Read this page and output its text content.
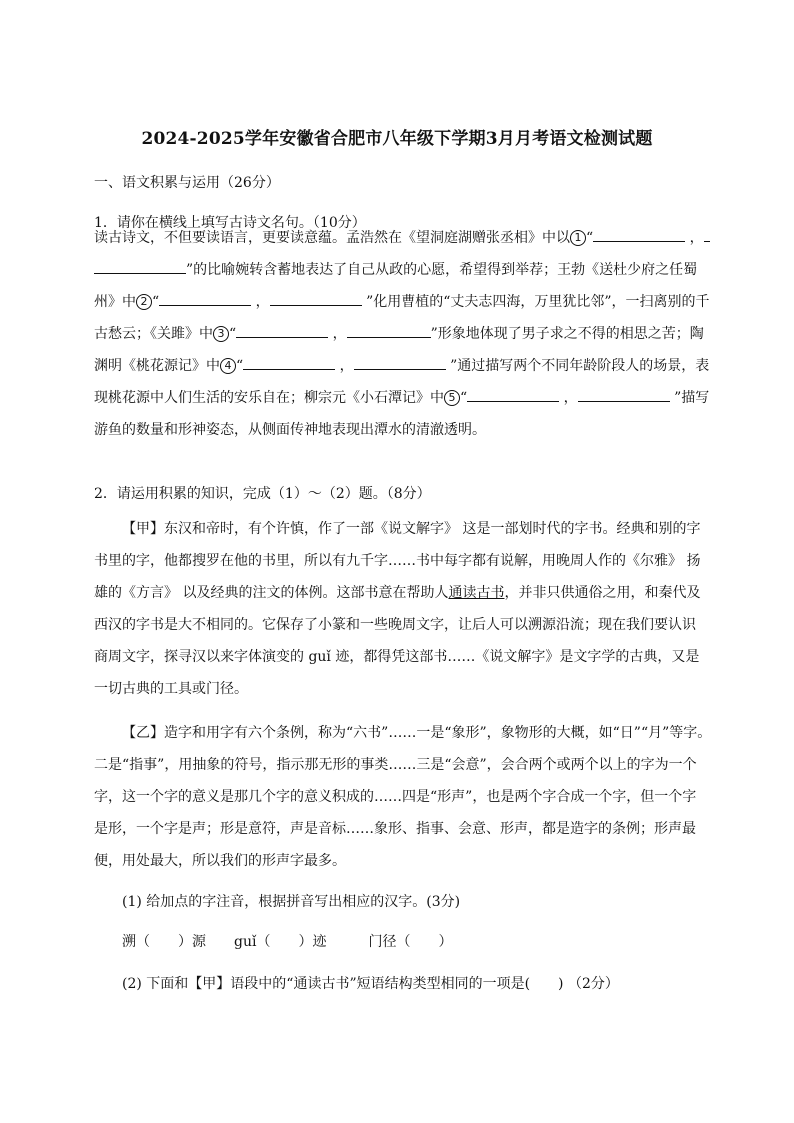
2024-2025学年安徽省合肥市八年级下学期3月月考语文检测试题
一、语文积累与运用（26分）
1．请你在横线上填写古诗文名句。（10分）
读古诗文，不但要读语言，更要读意蕴。孟浩然在《望洞庭湖赠张丞相》中以 1 “	，
”的比喻婉转含蓄地表达了自己从政的心愿，希望得到举荐；王勃《送杜少府之任蜀
州》中 2 “	，	”化用曹植的“丈夫志四海，万里犹比邻”，一扫离别的千
古愁云；《关雎》中 3 “	，	”形象地体现了男子求之不得的相思之苦；陶
渊明《桃花源记》中 4 “	，	”通过描写两个不同年龄阶段人的场景，表
现桃花源中人们生活的安乐自在；柳宗元《小石潭记》中 5 “	，	”描写
游鱼的数量和形神姿态，从侧面传神地表现出潭水的清澈透明。
2．请运用积累的知识，完成（1）～（2）题。（8分）
【甲】东汉和帝时，有个许慎，作了一部《说文解字》 这是一部划时代的字书。经典和别的字
书里的字，他都搜罗在他的书里，所以有九千字……书中每字都有说解，用晚周人作的《尔雅》 扬
雄的《方言》 以及经典的注文的体例。这部书意在帮助人通读古书，并非只供通俗之用，和秦代及
西汉的字书是大不相同的。它保存了小篆和一些晚周文字，让后人可以溯源沿流；现在我们要认识
商周文字，探寻汉以来字体演变的 guǐ 迹，都得凭这部书……《说文解字》是文字学的古典，又是
一切古典的工具或门径。
【乙】造字和用字有六个条例，称为“六书”……一是“象形”，象物形的大概，如“日”“月”等字。
二是“指事”，用抽象的符号，指示那无形的事类……三是“会意”，会合两个或两个以上的字为一个
字，这一个字的意义是那几个字的意义积成的……四是“形声”，也是两个字合成一个字，但一个字
是形，一个字是声；形是意符，声是音标……象形、指事、会意、形声，都是造字的条例；形声最
便，用处最大，所以我们的形声字最多。
(1) 给加点的字注音，根据拼音写出相应的汉字。(3分)
溯（　　）源　　guǐ（　　）迹　　　门径（　　）
(2) 下面和【甲】语段中的“通读古书”短语结构类型相同的一项是(　　) （2分）
